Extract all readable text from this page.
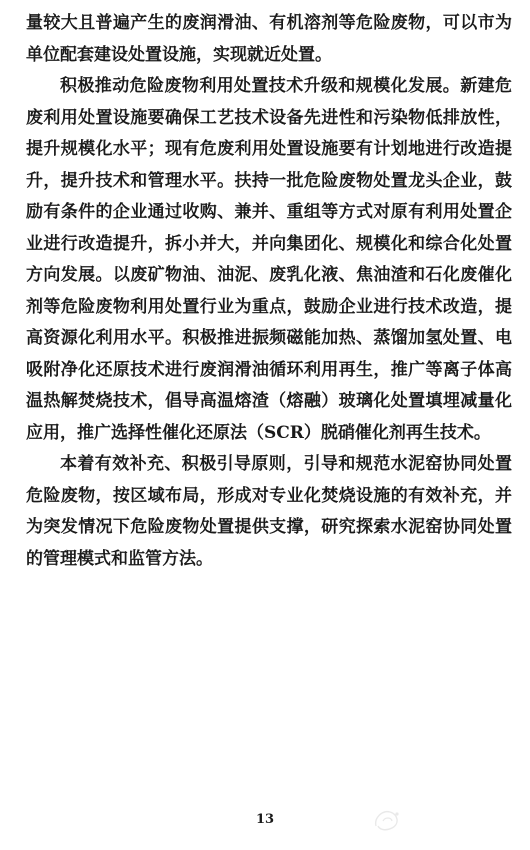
量较大且普遍产生的废润滑油、有机溶剂等危险废物，可以市为单位配套建设处置设施，实现就近处置。

积极推动危险废物利用处置技术升级和规模化发展。新建危废利用处置设施要确保工艺技术设备先进性和污染物低排放性，提升规模化水平；现有危废利用处置设施要有计划地进行改造提升，提升技术和管理水平。扶持一批危险废物处置龙头企业，鼓励有条件的企业通过收购、兼并、重组等方式对原有利用处置企业进行改造提升，拆小并大，并向集团化、规模化和综合化处置方向发展。以废矿物油、油泥、废乳化液、焦油渣和石化废催化剂等危险废物利用处置行业为重点，鼓励企业进行技术改造，提高资源化利用水平。积极推进振频磁能加热、蒸馏加氢处置、电吸附净化还原技术进行废润滑油循环利用再生，推广等离子体高温热解焚烧技术，倡导高温熔渣（熔融）玻璃化处置填埋减量化应用，推广选择性催化还原法（SCR）脱硝催化剂再生技术。

本着有效补充、积极引导原则，引导和规范水泥窑协同处置危险废物，按区域布局，形成对专业化焚烧设施的有效补充，并为突发情况下危险废物处置提供支撑，研究探索水泥窑协同处置的管理模式和监管方法。

13
